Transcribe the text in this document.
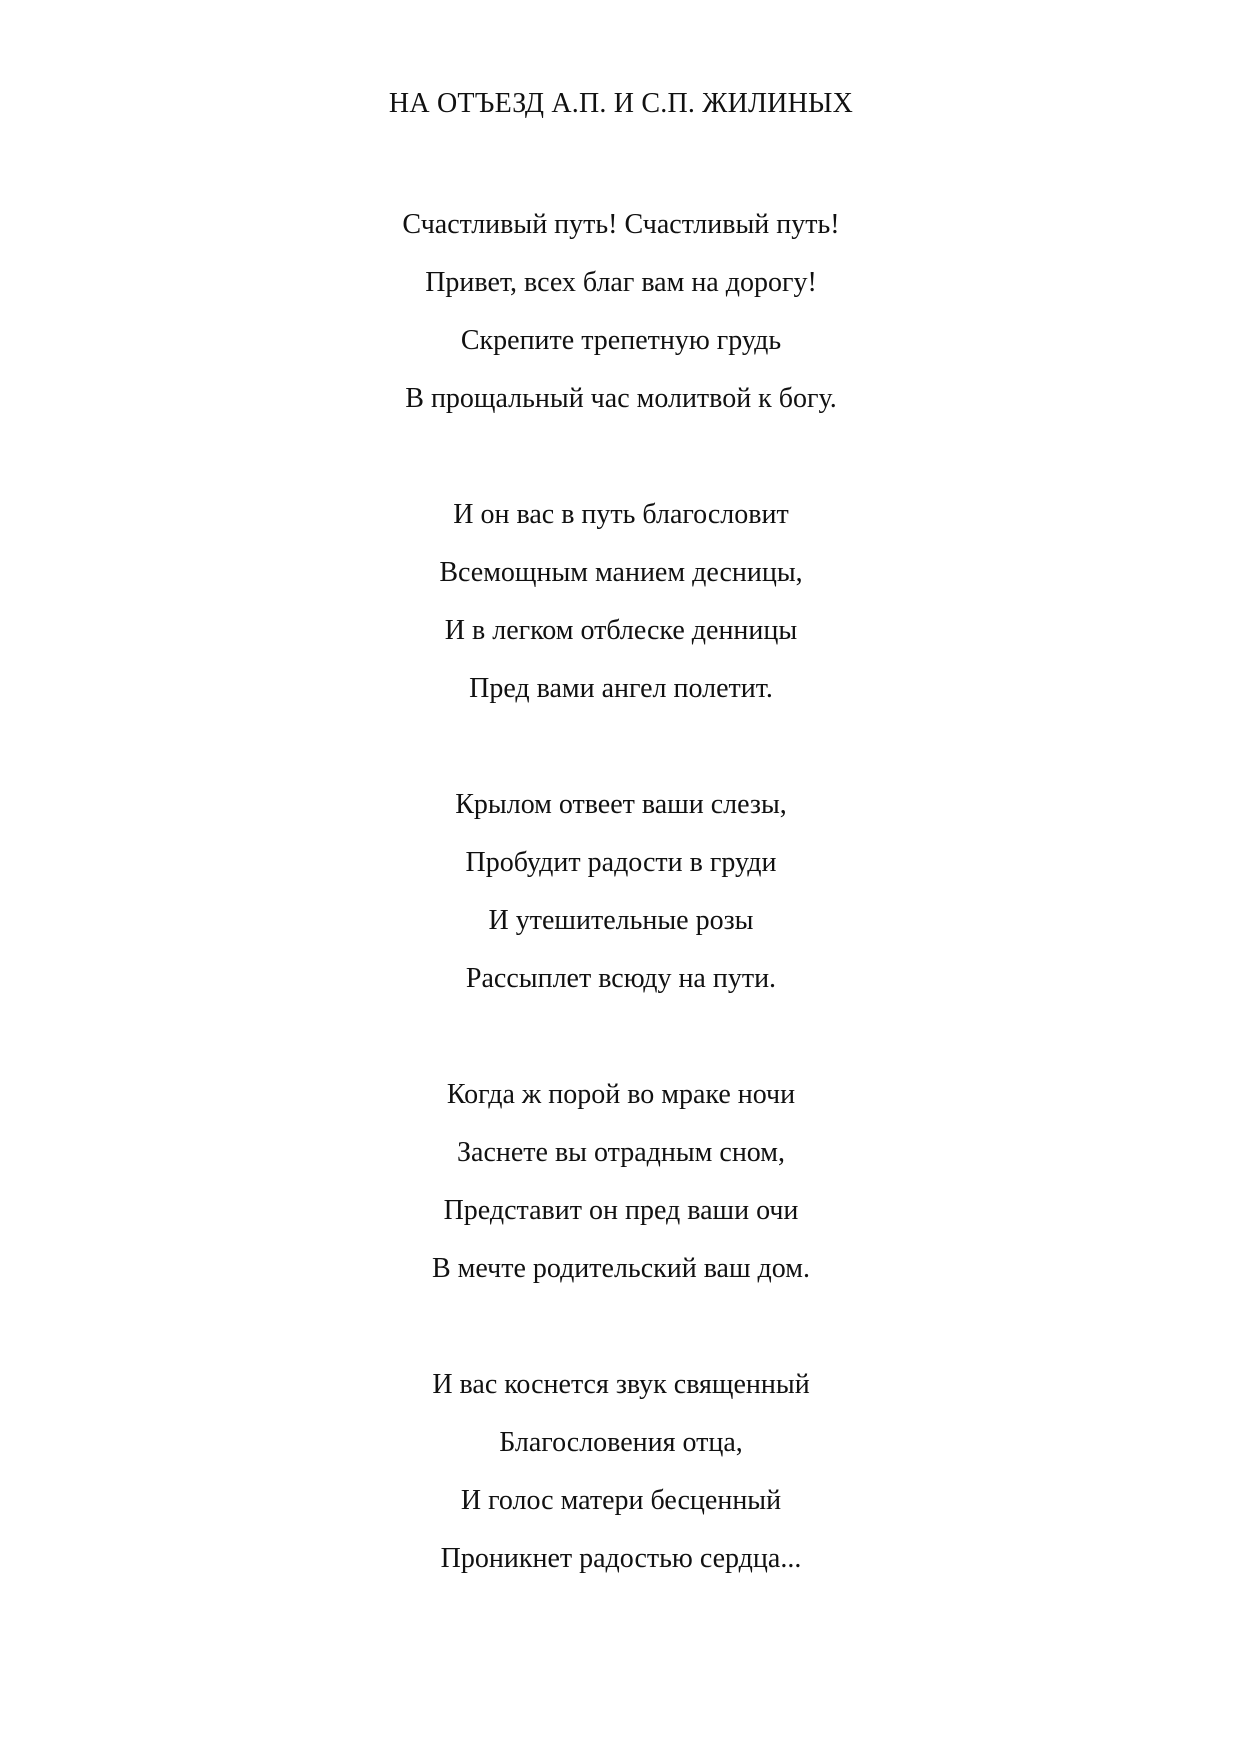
НА ОТЪЕЗД А.П. И С.П. ЖИЛИНЫХ
Счастливый путь! Счастливый путь!
Привет, всех благ вам на дорогу!
Скрепите трепетную грудь
В прощальный час молитвой к богу.
И он вас в путь благословит
Всемощным манием десницы,
И в легком отблеске денницы
Пред вами ангел полетит.
Крылом отвеет ваши слезы,
Пробудит радости в груди
И утешительные розы
Рассыплет всюду на пути.
Когда ж порой во мраке ночи
Заснете вы отрадным сном,
Представит он пред ваши очи
В мечте родительский ваш дом.
И вас коснется звук священный
Благословения отца,
И голос матери бесценный
Проникнет радостью сердца...
